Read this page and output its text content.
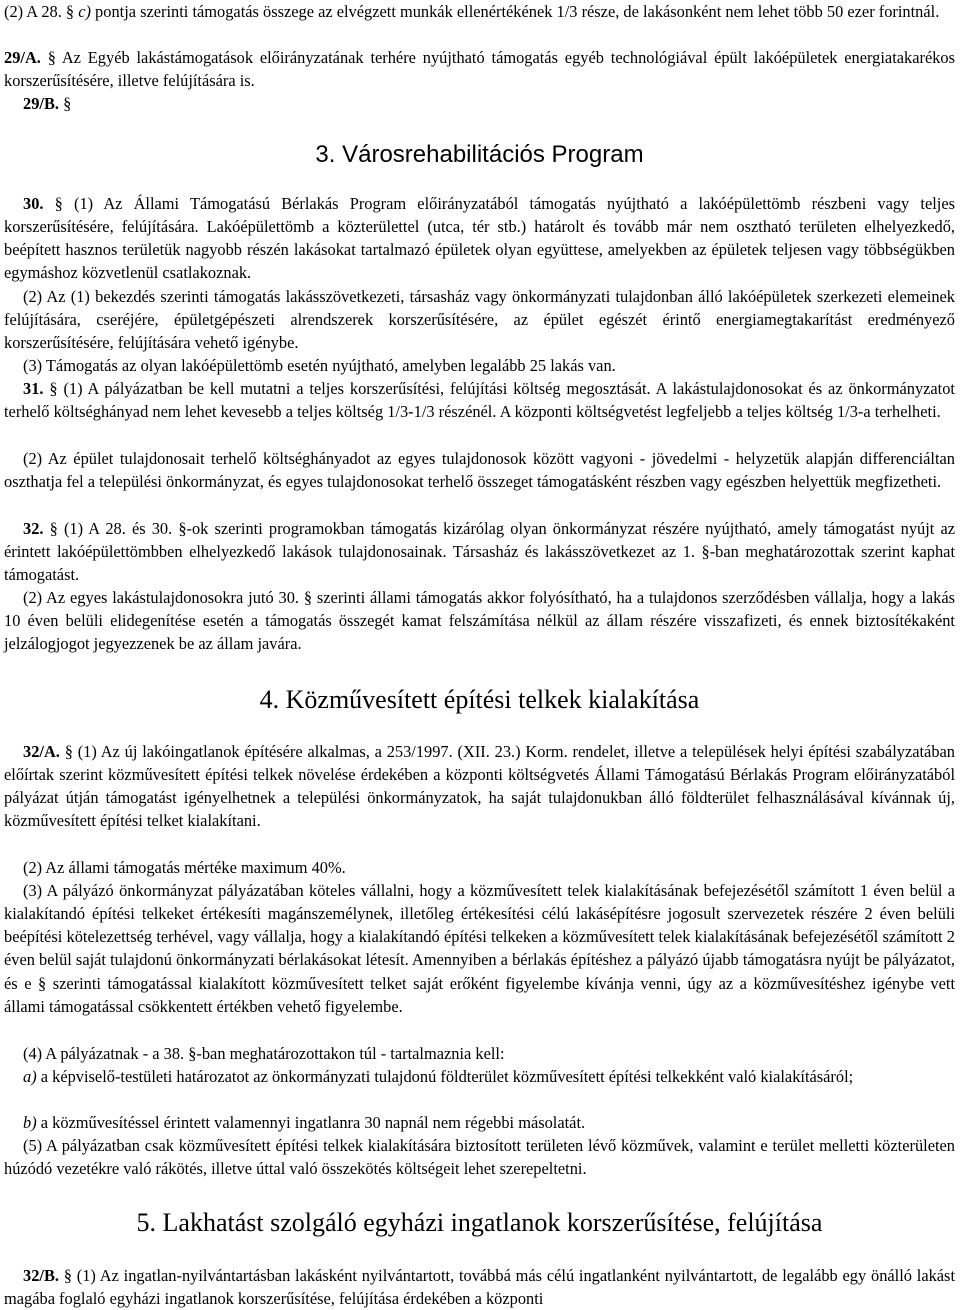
(2) A 28. § c) pontja szerinti támogatás összege az elvégzett munkák ellenértékének 1/3 része, de lakásonként nem lehet több 50 ezer forintnál.

29/A. § Az Egyéb lakástámogatások előirányzatának terhére nyújtható támogatás egyéb technológiával épült lakóépületek energiatakarékos korszerűsítésére, illetve felújítására is.

29/B. §

3. Városrehabilitációs Program

30. § (1) Az Állami Támogatású Bérlakás Program előirányzatából támogatás nyújtható a lakóépülettömb részbeni vagy teljes korszerűsítésére, felújítására. Lakóépülettömb a közterülettel (utca, tér stb.) határolt és tovább már nem osztható területen elhelyezkedő, beépített hasznos területük nagyobb részén lakásokat tartalmazó épületek olyan együttese, amelyekben az épületek teljesen vagy többségükben egymáshoz közvetlenül csatlakoznak.

(2) Az (1) bekezdés szerinti támogatás lakásszövetkezeti, társasház vagy önkormányzati tulajdonban álló lakóépületek szerkezeti elemeinek felújítására, cseréjére, épületgépészeti alrendszerek korszerűsítésére, az épület egészét érintő energiamegtakarítást eredményező korszerűsítésére, felújítására vehető igénybe.

(3) Támogatás az olyan lakóépülettömb esetén nyújtható, amelyben legalább 25 lakás van.

31. § (1) A pályázatban be kell mutatni a teljes korszerűsítési, felújítási költség megosztását. A lakástulajdonosokat és az önkormányzatot terhelő költséghányad nem lehet kevesebb a teljes költség 1/3-1/3 részénél. A központi költségvetést legfeljebb a teljes költség 1/3-a terhelheti.

(2) Az épület tulajdonosait terhelő költséghányadot az egyes tulajdonosok között vagyoni - jövedelmi - helyzetük alapján differenciáltan oszthatja fel a települési önkormányzat, és egyes tulajdonosokat terhelő összeget támogatásként részben vagy egészben helyettük megfizetheti.

32. § (1) A 28. és 30. §-ok szerinti programokban támogatás kizárólag olyan önkormányzat részére nyújtható, amely támogatást nyújt az érintett lakóépülettömbben elhelyezkedő lakások tulajdonosainak. Társasház és lakásszövetkezet az 1. §-ban meghatározottak szerint kaphat támogatást.

(2) Az egyes lakástulajdonosokra jutó 30. § szerinti állami támogatás akkor folyósítható, ha a tulajdonos szerződésben vállalja, hogy a lakás 10 éven belüli elidegenítése esetén a támogatás összegét kamat felszámítása nélkül az állam részére visszafizeti, és ennek biztosítékaként jelzálogjogot jegyezzenek be az állam javára.

4. Közművesített építési telkek kialakítása

32/A. § (1) Az új lakóingatlanok építésére alkalmas, a 253/1997. (XII. 23.) Korm. rendelet, illetve a települések helyi építési szabályzatában előírtak szerint közművesített építési telkek növelése érdekében a központi költségvetés Állami Támogatású Bérlakás Program előirányzatából pályázat útján támogatást igényelhetnek a települési önkormányzatok, ha saját tulajdonukban álló földterület felhasználásával kívánnak új, közművesített építési telket kialakítani.

(2) Az állami támogatás mértéke maximum 40%.

(3) A pályázó önkormányzat pályázatában köteles vállalni, hogy a közművesített telek kialakításának befejezésétől számított 1 éven belül a kialakítandó építési telkeket értékesíti magánszemélynek, illetőleg értékesítési célú lakásépítésre jogosult szervezetek részére 2 éven belüli beépítési kötelezettség terhével, vagy vállalja, hogy a kialakítandó építési telkeken a közművesített telek kialakításának befejezésétől számított 2 éven belül saját tulajdonú önkormányzati bérlakásokat létesít. Amennyiben a bérlakás építéshez a pályázó újabb támogatásra nyújt be pályázatot, és e § szerinti támogatással kialakított közművesített telket saját erőként figyelembe kívánja venni, úgy az a közművesítéshez igénybe vett állami támogatással csökkentett értékben vehető figyelembe.

(4) A pályázatnak - a 38. §-ban meghatározottakon túl - tartalmaznia kell:

a) a képviselő-testületi határozatot az önkormányzati tulajdonú földterület közművesített építési telkekként való kialakításáról;

b) a közművesítéssel érintett valamennyi ingatlanra 30 napnál nem régebbi másolatát.

(5) A pályázatban csak közművesített építési telkek kialakítására biztosított területen lévő közművek, valamint e terület melletti közterületen húzódó vezetékre való rákötés, illetve úttal való összekötés költségeit lehet szerepeltetni.

5. Lakhatást szolgáló egyházi ingatlanok korszerűsítése, felújítása

32/B. § (1) Az ingatlan-nyilvántartásban lakásként nyilvántartott, továbbá más célú ingatlanként nyilvántartott, de legalább egy önálló lakást magába foglaló egyházi ingatlanok korszerűsítése, felújítása érdekében a központi
